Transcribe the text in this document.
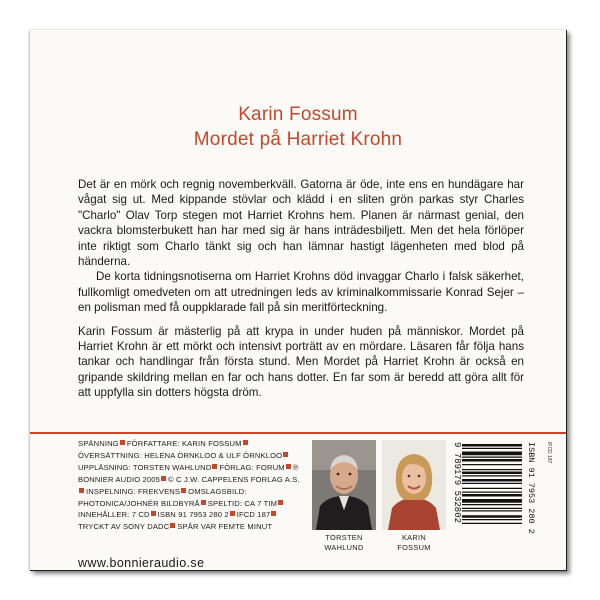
Karin Fossum
Mordet på Harriet Krohn

Det är en mörk och regnig novemberkväll. Gatorna är öde, inte ens en hundägare har vågat sig ut. Med kippande stövlar och klädd i en sliten grön parkas styr Charles "Charlo" Olav Torp stegen mot Harriet Krohns hem. Planen är närmast genial, den vackra blomsterbukett han har med sig är hans inträdesbiljett. Men det hela förlöper inte riktigt som Charlo tänkt sig och han lämnar hastigt lägenheten med blod på händerna.

De korta tidningsnotiserna om Harriet Krohns död invaggar Charlo i falsk säkerhet, fullkomligt omedveten om att utredningen leds av kriminalkommissarie Konrad Sejer – en polisman med få ouppklarade fall på sin meritförteckning.

Karin Fossum är mästerlig på att krypa in under huden på människor. Mordet på Harriet Krohn är ett mörkt och intensivt porträtt av en mördare. Läsaren får följa hans tankar och handlingar från första stund. Men Mordet på Harriet Krohn är också en gripande skildring mellan en far och hans dotter. En far som är beredd att göra allt för att uppfylla sin dotters högsta dröm.

SPÄNNING FÖRFATTARE: KARIN FOSSUMÖVERSÄTTNING: HELENA ÖRNKLOO & ULF ÖRNKLOOUPPLÄSNING: TORSTEN WAHLUND FÖRLAG: FORUM ℗ BONNIER AUDIO 2005 © C J.W. CAPPELENS FORLAG A.S.INSPELNING: FREKVENS OMSLAGSBILD: PHOTONICA/JOHNÉR BILDBYRÅ SPELTID: CA 7 TIMINNEHÅLLER: 7 CD ISBN 91 7953 280 2 IFCD 187TRYCKT AV SONY DADC SPÅR VAR FEMTE MINUT
www.bonnieraudio.se
TORSTEN
WAHLUND
KARIN
FOSSUM
9 789179 532802	ISBN 91 7953 280 2 IFCD 187
